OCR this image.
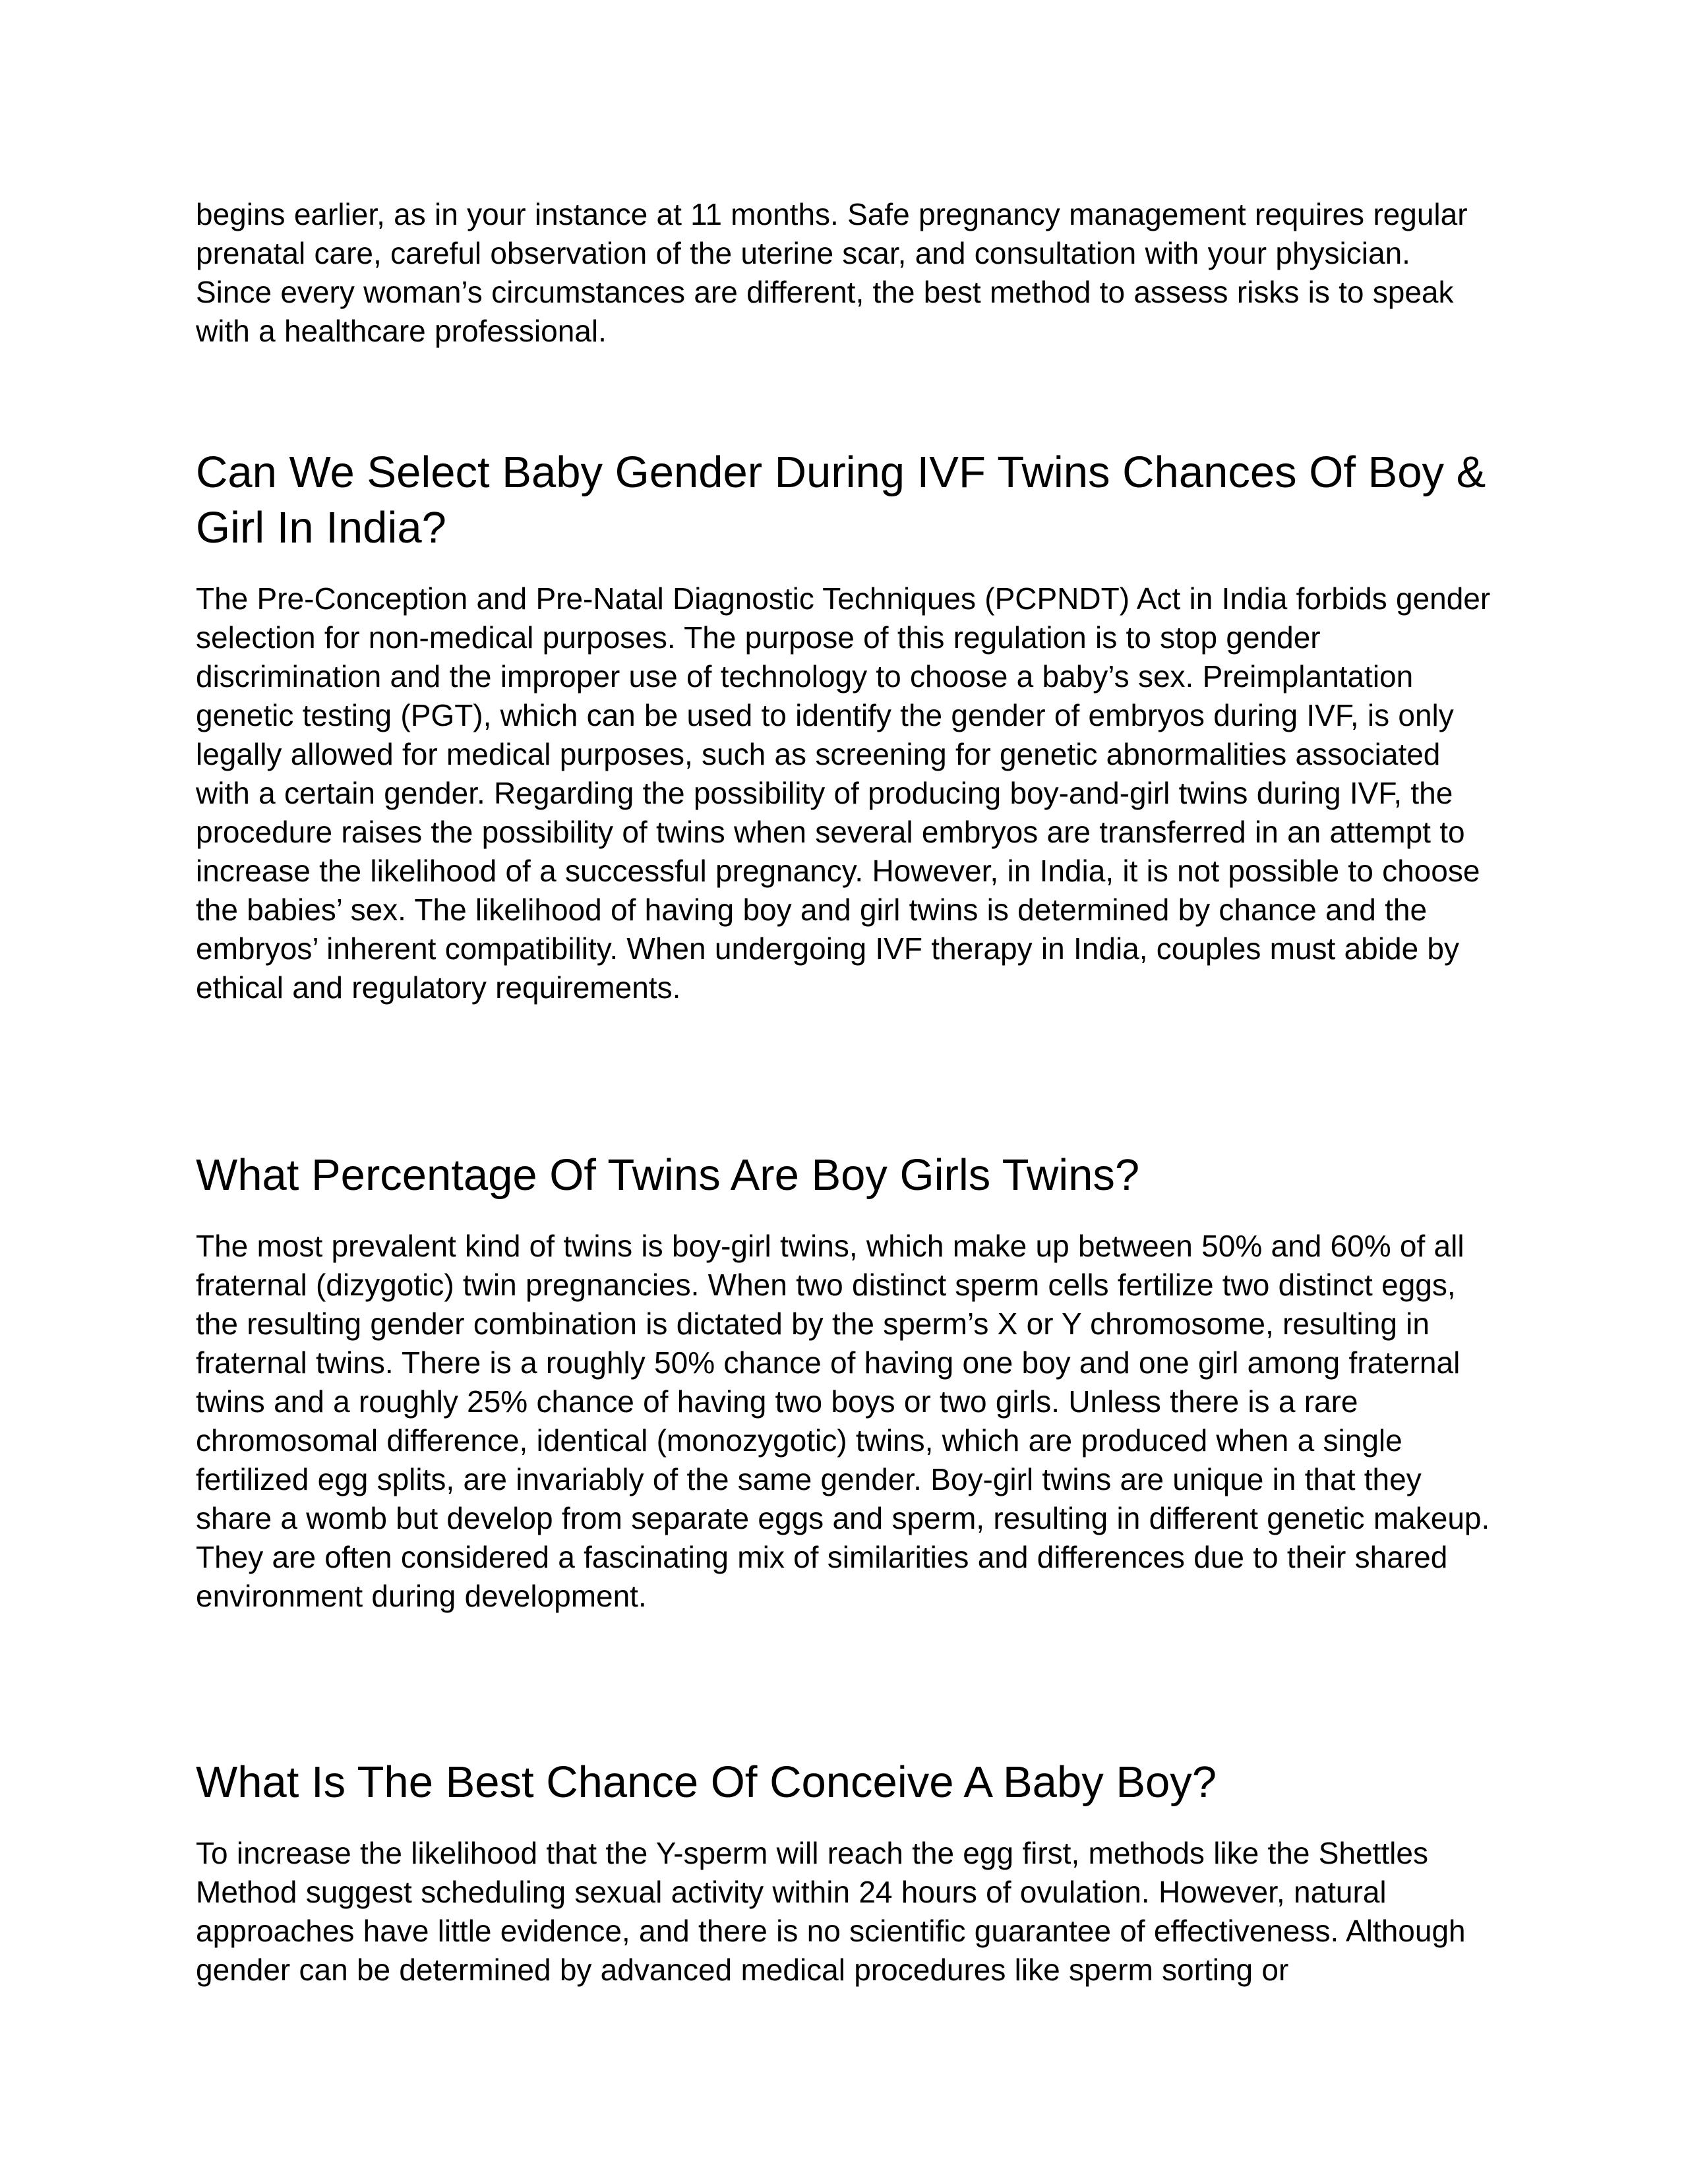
begins earlier, as in your instance at 11 months. Safe pregnancy management requires regular prenatal care, careful observation of the uterine scar, and consultation with your physician. Since every woman’s circumstances are different, the best method to assess risks is to speak with a healthcare professional.

Can We Select Baby Gender During IVF Twins Chances Of Boy & Girl In India?

The Pre-Conception and Pre-Natal Diagnostic Techniques (PCPNDT) Act in India forbids gender selection for non-medical purposes. The purpose of this regulation is to stop gender discrimination and the improper use of technology to choose a baby’s sex. Preimplantation genetic testing (PGT), which can be used to identify the gender of embryos during IVF, is only legally allowed for medical purposes, such as screening for genetic abnormalities associated with a certain gender. Regarding the possibility of producing boy-and-girl twins during IVF, the procedure raises the possibility of twins when several embryos are transferred in an attempt to increase the likelihood of a successful pregnancy. However, in India, it is not possible to choose the babies’ sex. The likelihood of having boy and girl twins is determined by chance and the embryos’ inherent compatibility. When undergoing IVF therapy in India, couples must abide by ethical and regulatory requirements.

What Percentage Of Twins Are Boy Girls Twins?

The most prevalent kind of twins is boy-girl twins, which make up between 50% and 60% of all fraternal (dizygotic) twin pregnancies. When two distinct sperm cells fertilize two distinct eggs, the resulting gender combination is dictated by the sperm’s X or Y chromosome, resulting in fraternal twins. There is a roughly 50% chance of having one boy and one girl among fraternal twins and a roughly 25% chance of having two boys or two girls. Unless there is a rare chromosomal difference, identical (monozygotic) twins, which are produced when a single fertilized egg splits, are invariably of the same gender. Boy-girl twins are unique in that they share a womb but develop from separate eggs and sperm, resulting in different genetic makeup. They are often considered a fascinating mix of similarities and differences due to their shared environment during development.

What Is The Best Chance Of Conceive A Baby Boy?

To increase the likelihood that the Y-sperm will reach the egg first, methods like the Shettles Method suggest scheduling sexual activity within 24 hours of ovulation. However, natural approaches have little evidence, and there is no scientific guarantee of effectiveness. Although gender can be determined by advanced medical procedures like sperm sorting or
